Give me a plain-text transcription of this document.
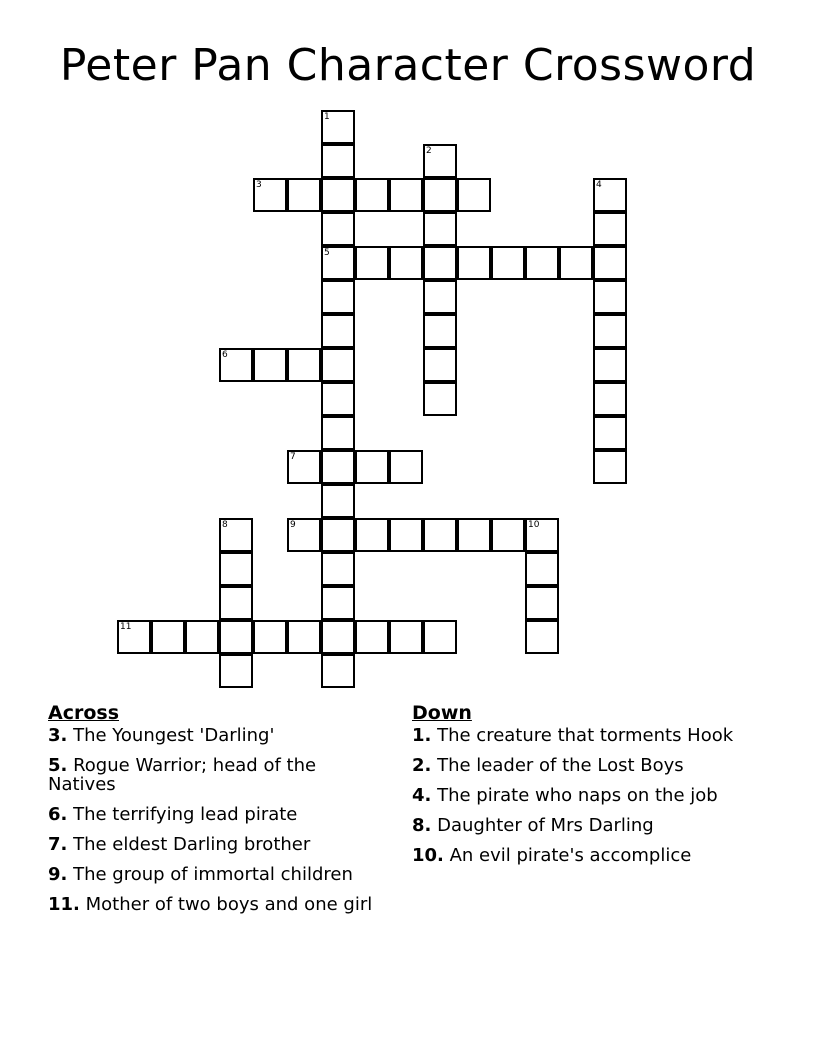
Peter Pan Character Crossword
1
5
2
3	4
6
7
8	9	10
11
Across
3. The Youngest 'Darling'
5. Rogue Warrior; head of the Natives
6. The terrifying lead pirate
7. The eldest Darling brother
9. The group of immortal children
11. Mother of two boys and one girl
Down
1. The creature that torments Hook
2. The leader of the Lost Boys
4. The pirate who naps on the job
8. Daughter of Mrs Darling
10. An evil pirate's accomplice
